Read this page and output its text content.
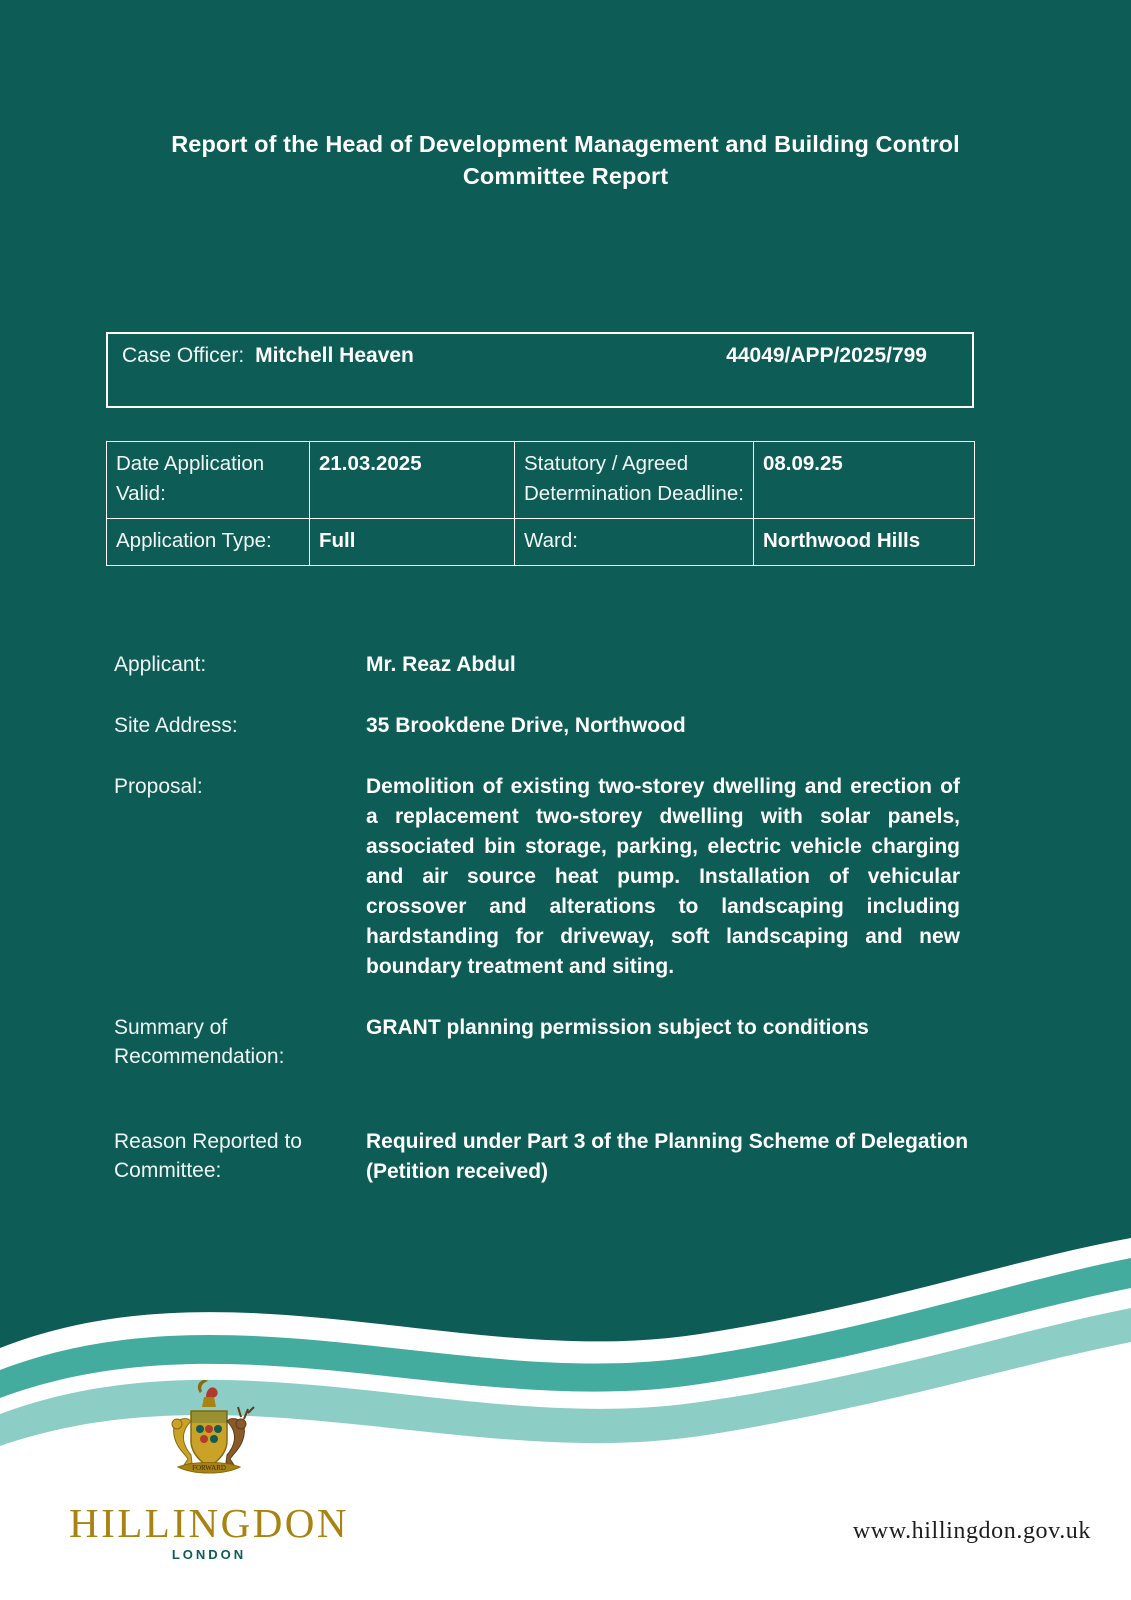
Report of the Head of Development Management and Building Control
Committee Report
Case Officer: Mitchell Heaven	44049/APP/2025/799
Date Application Valid:	21.03.2025	Statutory / Agreed Determination Deadline:	08.09.25
Application Type:	Full	Ward:	Northwood Hills
Applicant:	Mr. Reaz Abdul
Site Address:	35 Brookdene Drive, Northwood
Proposal:	Demolition of existing two-storey dwelling and erection of a replacement two-storey dwelling with solar panels, associated bin storage, parking, electric vehicle charging and air source heat pump. Installation of vehicular crossover and alterations to landscaping including hardstanding for driveway, soft landscaping and new boundary treatment and siting.
Summary of Recommendation:
GRANT planning permission subject to conditions
Reason Reported to Committee:
Required under Part 3 of the Planning Scheme of Delegation (Petition received)
FORWARD
HILLINGDON
LONDON
www.hillingdon.gov.uk
